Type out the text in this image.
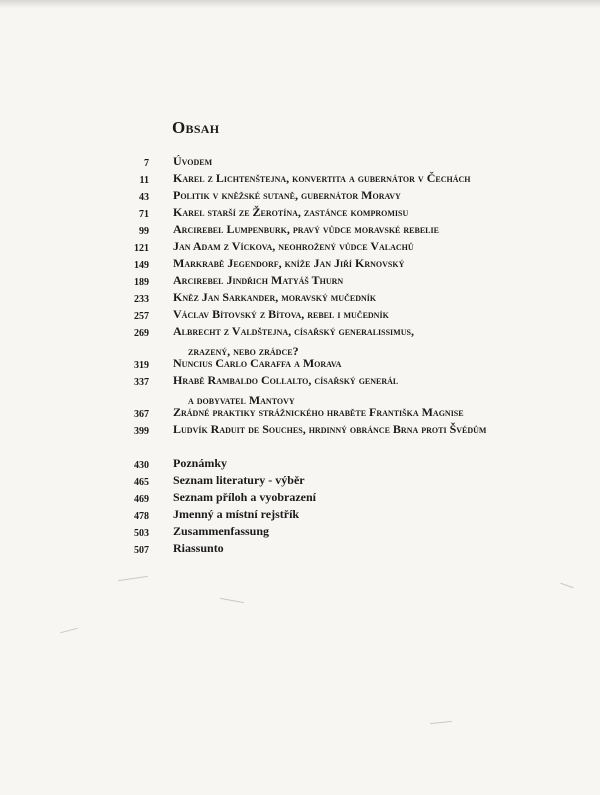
Obsah
7 Úvodem
11 Karel z Lichtenštejna, konvertita a gubernátor v Čechách
43 Politik v kněžské sutaně, gubernátor Moravy
71 Karel starší ze Žerotína, zastánce kompromisu
99 Arcirebel Lumpenburk, pravý vůdce moravské rebelie
121 Jan Adam z Víckova, neohrožený vůdce Valachů
149 Markrabě Jegendorf, kníže Jan Jiří Krnovský
189 Arcirebel Jindřich Matyáš Thurn
233 Kněz Jan Sarkander, moravský mučedník
257 Václav Bítovský z Bítova, rebel i mučedník
269 Albrecht z Valdštejna, císařský generalissimus,
zrazený, nebo zrádce?
319 Nuncius Carlo Caraffa a Morava
337 Hrabě Rambaldo Collalto, císařský generál
a dobyvatel Mantovy
367 Zrádné praktiky strážnického hraběte Františka Magnise
399 Ludvík Raduit de Souches, hrdinný obránce Brna proti Švédům
430 Poznámky
465 Seznam literatury - výběr
469 Seznam příloh a vyobrazení
478 Jmenný a místní rejstřík
503 Zusammenfassung
507 Riassunto
